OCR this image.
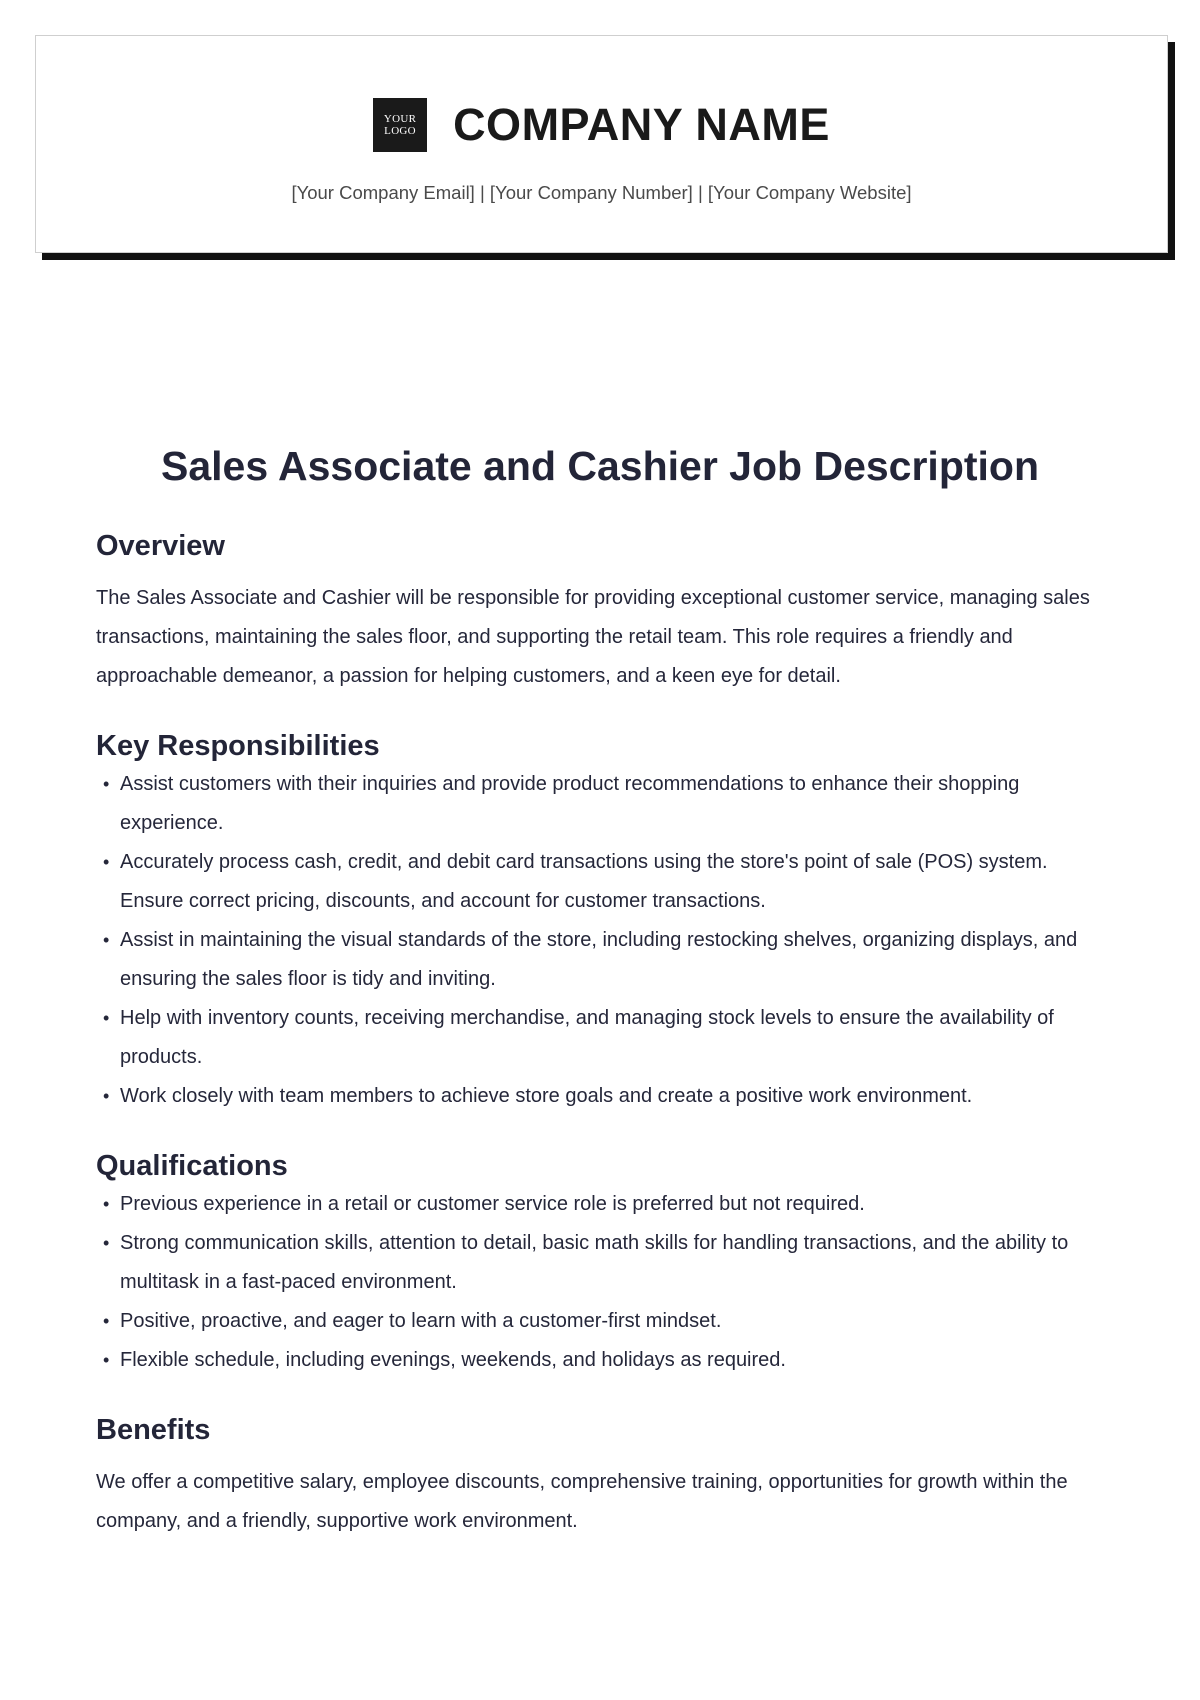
YOUR
LOGO COMPANY NAME
[Your Company Email] | [Your Company Number] | [Your Company Website]
Sales Associate and Cashier Job Description
Overview

The Sales Associate and Cashier will be responsible for providing exceptional customer service, managing sales transactions, maintaining the sales floor, and supporting the retail team. This role requires a friendly and approachable demeanor, a passion for helping customers, and a keen eye for detail.

Key Responsibilities
• Assist customers with their inquiries and provide product recommendations to enhance their shopping experience.
• Accurately process cash, credit, and debit card transactions using the store's point of sale (POS) system. Ensure correct pricing, discounts, and account for customer transactions.
• Assist in maintaining the visual standards of the store, including restocking shelves, organizing displays, and ensuring the sales floor is tidy and inviting.
• Help with inventory counts, receiving merchandise, and managing stock levels to ensure the availability of products.
• Work closely with team members to achieve store goals and create a positive work environment.
Qualifications
• Previous experience in a retail or customer service role is preferred but not required.
• Strong communication skills, attention to detail, basic math skills for handling transactions, and the ability to multitask in a fast-paced environment.
• Positive, proactive, and eager to learn with a customer-first mindset.
• Flexible schedule, including evenings, weekends, and holidays as required.
Benefits

We offer a competitive salary, employee discounts, comprehensive training, opportunities for growth within the company, and a friendly, supportive work environment.
